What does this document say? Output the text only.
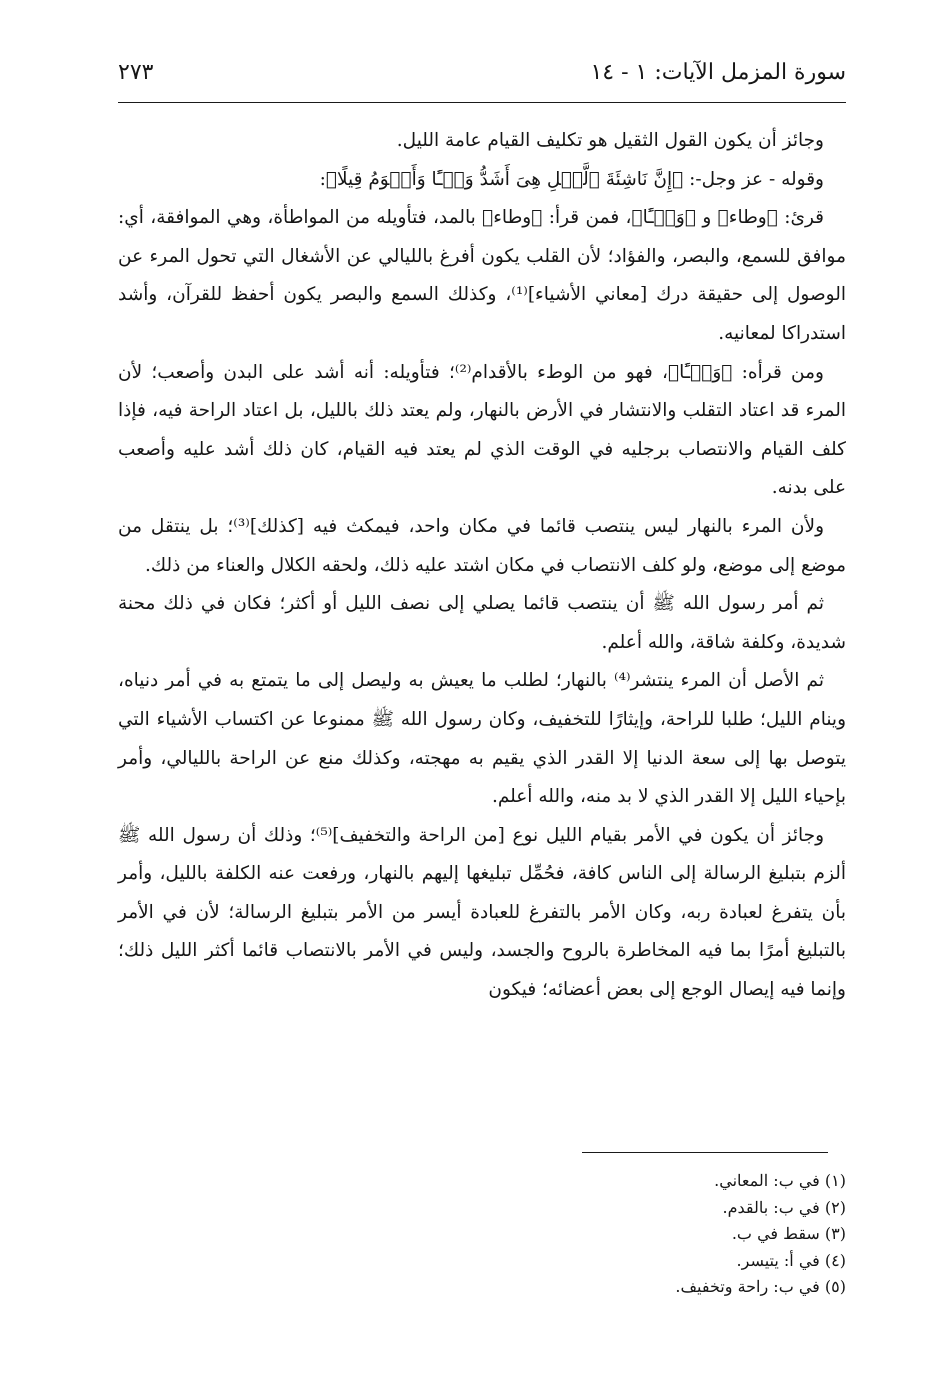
سورة المزمل الآيات: ١ - ١٤
٢٧٣

وجائز أن يكون القول الثقيل هو تكليف القيام عامة الليل.

وقوله - عز وجل-: ﴿إِنَّ نَاشِئَةَ ٱلَّيۡلِ هِىَ أَشَدُّ وَطۡـًٔا وَأَقۡوَمُ قِيلًا﴾:

قرئ: ﴿وطاء﴾ و ﴿وَطۡـًٔا﴾، فمن قرأ: ﴿وطاء﴾ بالمد، فتأويله من المواطأة، وهي الموافقة، أي: موافق للسمع، والبصر، والفؤاد؛ لأن القلب يكون أفرغ بالليالي عن الأشغال التي تحول المرء عن الوصول إلى حقيقة درك [معاني الأشياء]⁽¹⁾، وكذلك السمع والبصر يكون أحفظ للقرآن، وأشد استدراكا لمعانيه.

ومن قرأه: ﴿وَطۡـًٔا﴾، فهو من الوطء بالأقدام⁽²⁾؛ فتأويله: أنه أشد على البدن وأصعب؛ لأن المرء قد اعتاد التقلب والانتشار في الأرض بالنهار، ولم يعتد ذلك بالليل، بل اعتاد الراحة فيه، فإذا كلف القيام والانتصاب برجليه في الوقت الذي لم يعتد فيه القيام، كان ذلك أشد عليه وأصعب على بدنه.

ولأن المرء بالنهار ليس ينتصب قائما في مكان واحد، فيمكث فيه [كذلك]⁽³⁾؛ بل ينتقل من موضع إلى موضع، ولو كلف الانتصاب في مكان اشتد عليه ذلك، ولحقه الكلال والعناء من ذلك.

ثم أمر رسول الله ﷺ أن ينتصب قائما يصلي إلى نصف الليل أو أكثر؛ فكان في ذلك محنة شديدة، وكلفة شاقة، والله أعلم.

ثم الأصل أن المرء ينتشر⁽⁴⁾ بالنهار؛ لطلب ما يعيش به وليصل إلى ما يتمتع به في أمر دنياه، وينام الليل؛ طلبا للراحة، وإيثارًا للتخفيف، وكان رسول الله ﷺ ممنوعا عن اكتساب الأشياء التي يتوصل بها إلى سعة الدنيا إلا القدر الذي يقيم به مهجته، وكذلك منع عن الراحة بالليالي، وأمر بإحياء الليل إلا القدر الذي لا بد منه، والله أعلم.

وجائز أن يكون في الأمر بقيام الليل نوع [من الراحة والتخفيف]⁽⁵⁾؛ وذلك أن رسول الله ﷺ ألزم بتبليغ الرسالة إلى الناس كافة، فحُمِّل تبليغها إليهم بالنهار، ورفعت عنه الكلفة بالليل، وأمر بأن يتفرغ لعبادة ربه، وكان الأمر بالتفرغ للعبادة أيسر من الأمر بتبليغ الرسالة؛ لأن في الأمر بالتبليغ أمرًا بما فيه المخاطرة بالروح والجسد، وليس في الأمر بالانتصاب قائما أكثر الليل ذلك؛ وإنما فيه إيصال الوجع إلى بعض أعضائه؛ فيكون

(١) في ب: المعاني.
(٢) في ب: بالقدم.
(٣) سقط في ب.
(٤) في أ: يتيسر.
(٥) في ب: راحة وتخفيف.
